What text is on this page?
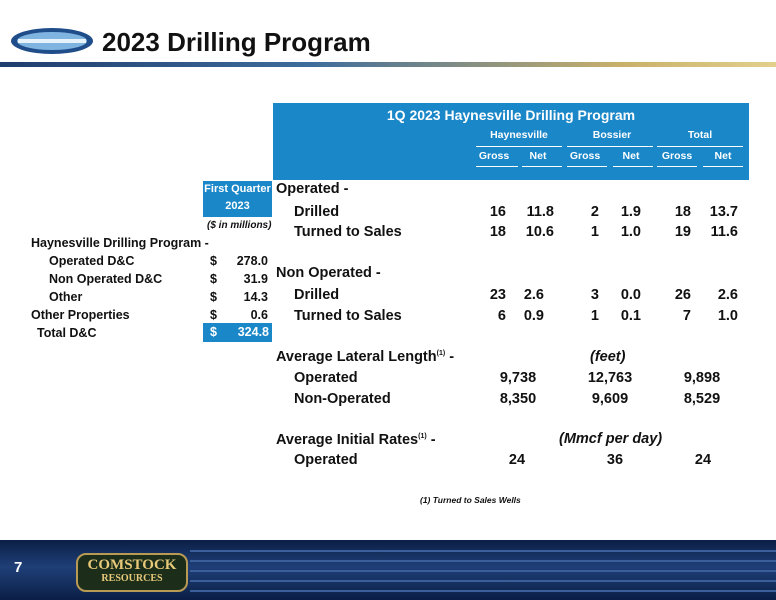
2023 Drilling Program
First Quarter 2023
($ in millions)
Haynesville Drilling Program -
Operated D&C	$	278.0
Non Operated D&C	$	31.9
Other	$	14.3
Other Properties	$	0.6
Total D&C	$ 324.8
1Q 2023 Haynesville Drilling Program
Haynesville	Bossier	Total
Gross	Net	Gross	Net	Gross	Net
Operated -
Drilled	16	11.8	2	1.9	18	13.7
Turned to Sales	18	10.6	1	1.0	19	11.6
Non Operated -
Drilled	23	2.6	3	0.0	26	2.6
Turned to Sales	6	0.9	1	0.1	7	1.0
Average Lateral Length$^{(1)}$ -	(feet)
Operated	9,738	12,763	9,898
Non-Operated	8,350	9,609	8,529
Average Initial Rates$^{(1)}$ -	(Mmcf per day)
Operated	24	36	24
(1) Turned to Sales Wells
7	COMSTOCK
RESOURCES
